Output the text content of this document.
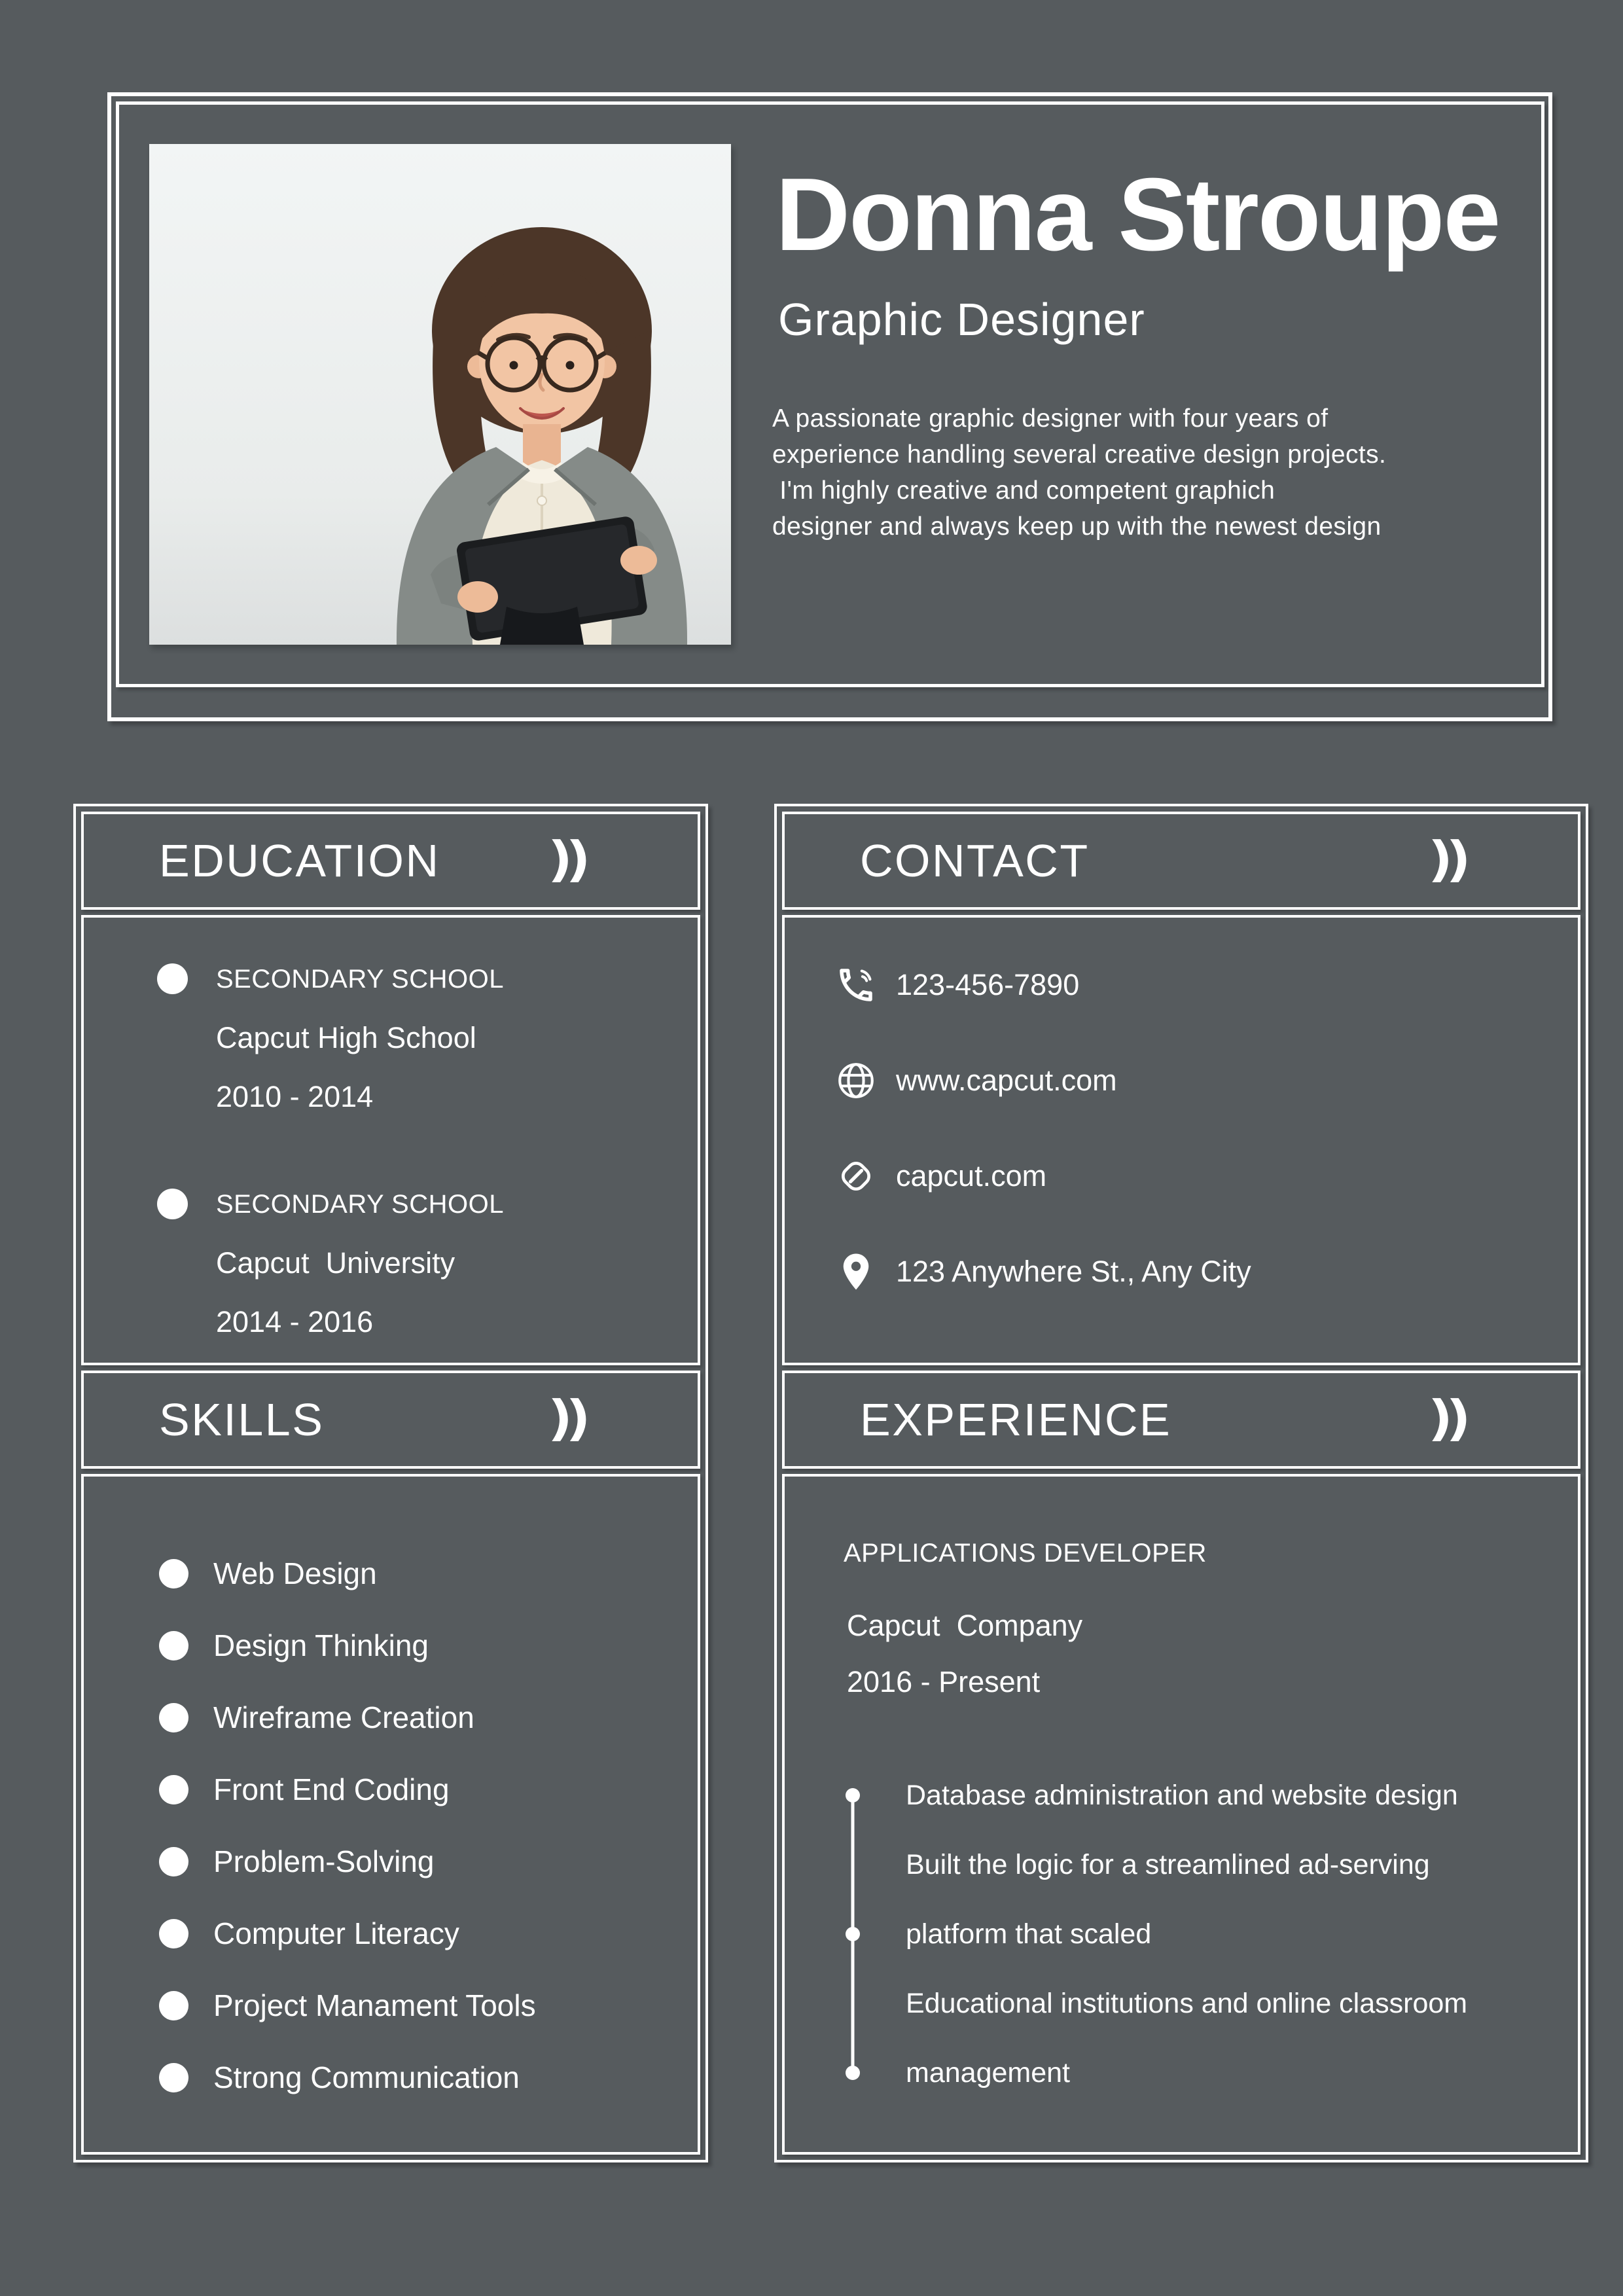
Donna Stroupe
Graphic Designer
A passionate graphic designer with four years of
experience handling several creative design projects.
I'm highly creative and competent graphich
designer and always keep up with the newest design
EDUCATION
SECONDARY SCHOOL
Capcut High School
2010 - 2014
SECONDARY SCHOOL
Capcut  University
2014 - 2016
SKILLS
Web Design
Design Thinking
Wireframe Creation
Front End Coding
Problem-Solving
Computer Literacy
Project Manament Tools
Strong Communication
CONTACT
123-456-7890
www.capcut.com
capcut.com
123 Anywhere St., Any City
EXPERIENCE
APPLICATIONS DEVELOPER
Capcut  Company
2016 - Present
Database administration and website design
Built the logic for a streamlined ad-serving
platform that scaled
Educational institutions and online classroom
management
